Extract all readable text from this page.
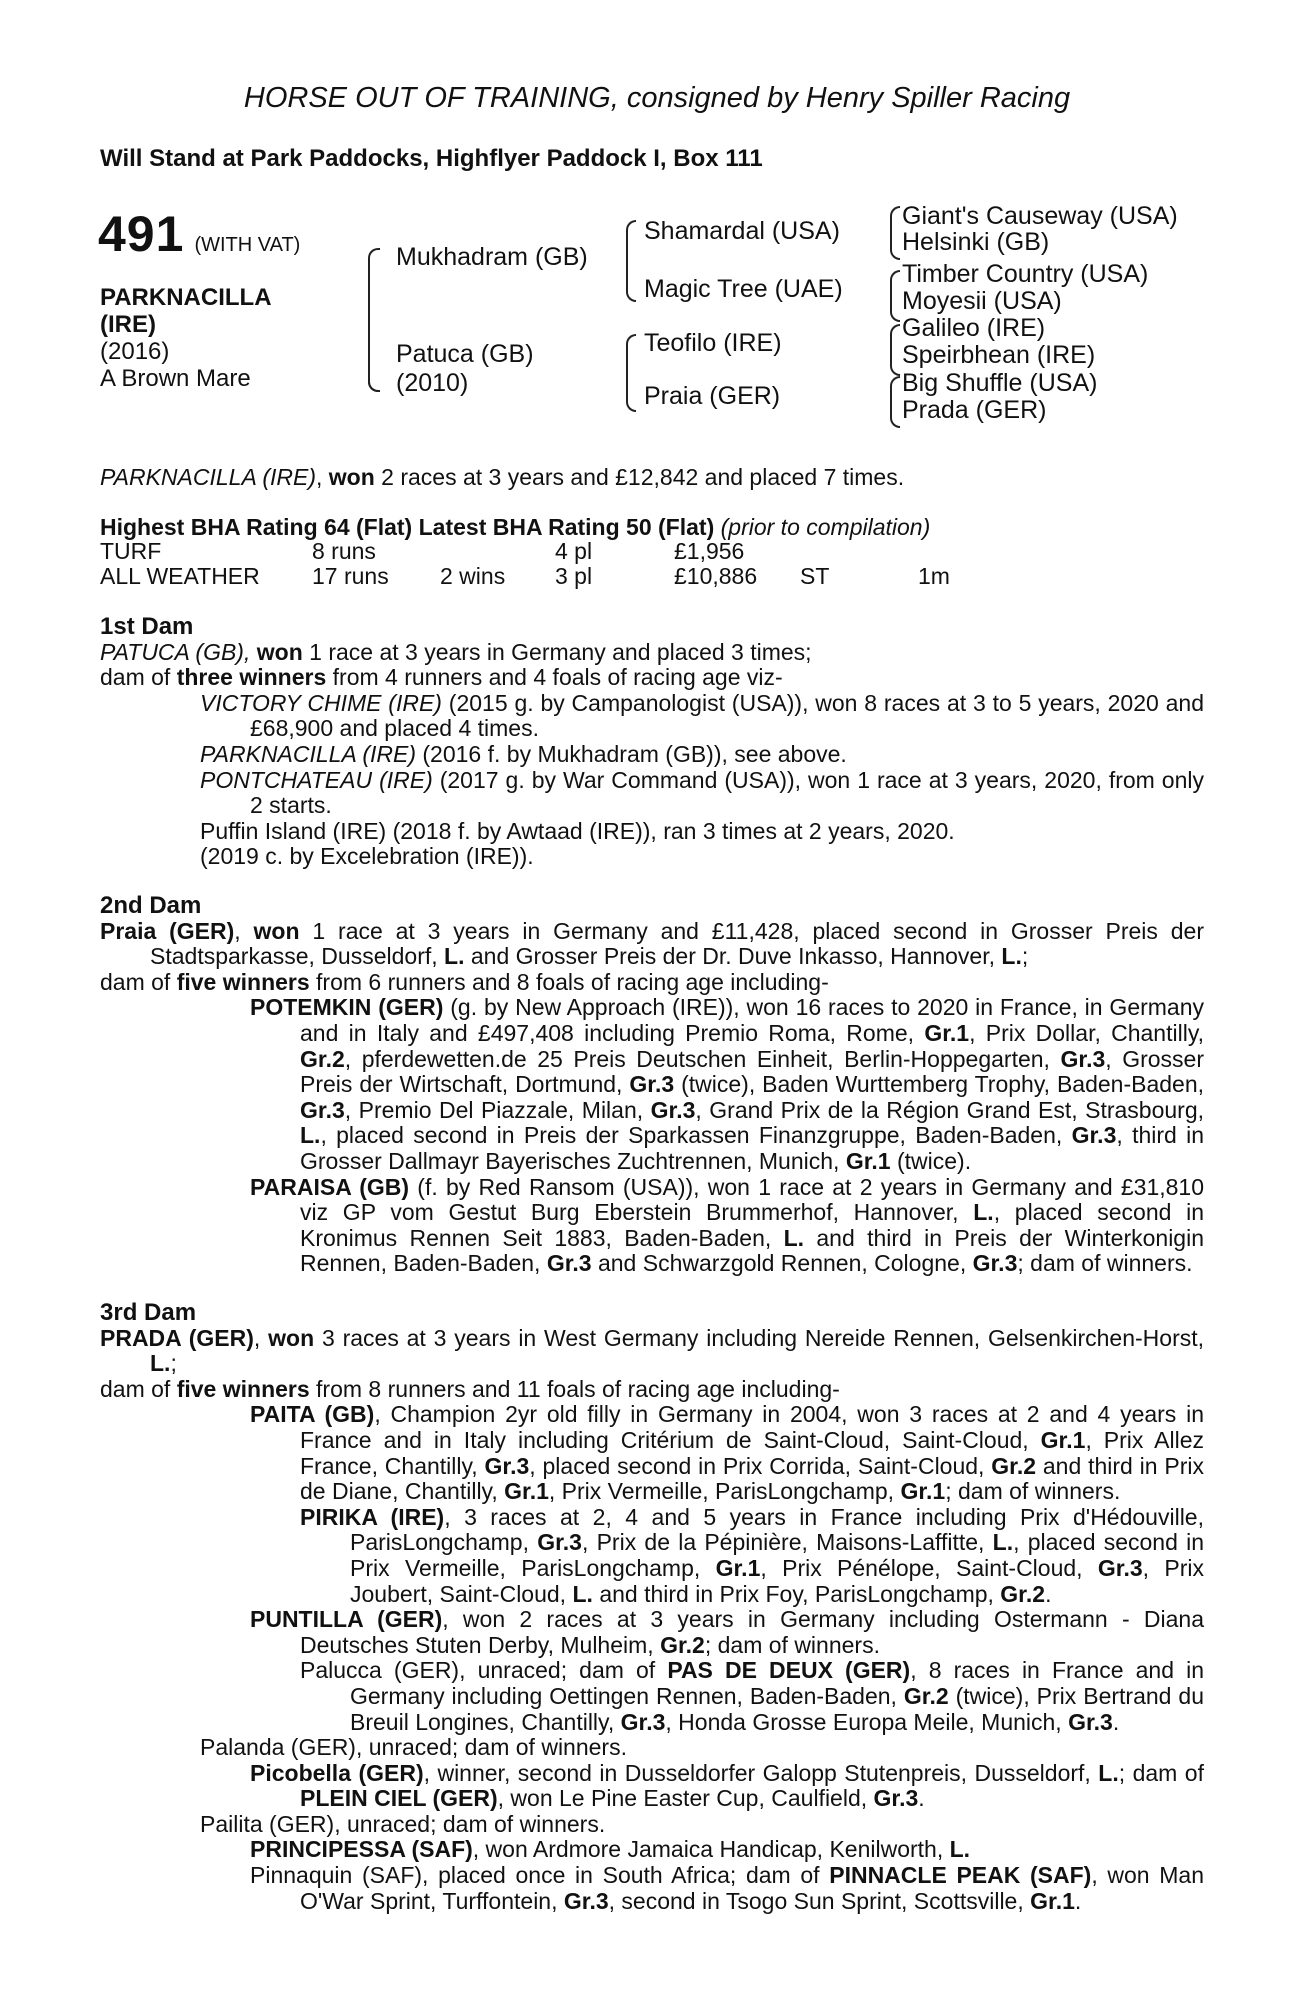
HORSE OUT OF TRAINING, consigned by Henry Spiller Racing
Will Stand at Park Paddocks, Highflyer Paddock I, Box 111
491 (WITH VAT)
PARKNACILLA
(IRE)
(2016)
A Brown Mare
Mukhadram (GB)
Patuca (GB)
(2010)
Shamardal (USA)
Magic Tree (UAE)
Teofilo (IRE)
Praia (GER)
Giant's Causeway (USA)
Helsinki (GB)
Timber Country (USA)
Moyesii (USA)
Galileo (IRE)
Speirbhean (IRE)
Big Shuffle (USA)
Prada (GER)
PARKNACILLA (IRE), won 2 races at 3 years and £12,842 and placed 7 times.
Highest BHA Rating 64 (Flat) Latest BHA Rating 50 (Flat) (prior to compilation)
TURF	8 runs	4 pl	£1,956
ALL WEATHER 17 runs 2 wins 3 pl	£10,886 ST	1m
1st Dam
PATUCA (GB), won 1 race at 3 years in Germany and placed 3 times;
dam of three winners from 4 runners and 4 foals of racing age viz-
VICTORY CHIME (IRE) (2015 g. by Campanologist (USA)), won 8 races at 3 to 5 years, 2020 and £68,900 and placed 4 times.
PARKNACILLA (IRE) (2016 f. by Mukhadram (GB)), see above.
PONTCHATEAU (IRE) (2017 g. by War Command (USA)), won 1 race at 3 years, 2020, from only 2 starts.
Puffin Island (IRE) (2018 f. by Awtaad (IRE)), ran 3 times at 2 years, 2020.
(2019 c. by Excelebration (IRE)).
2nd Dam
Praia (GER), won 1 race at 3 years in Germany and £11,428, placed second in Grosser Preis der Stadtsparkasse, Dusseldorf, L. and Grosser Preis der Dr. Duve Inkasso, Hannover, L.;
dam of five winners from 6 runners and 8 foals of racing age including-
POTEMKIN (GER) (g. by New Approach (IRE)), won 16 races to 2020 in France, in Germany and in Italy and £497,408 including Premio Roma, Rome, Gr.1, Prix Dollar, Chantilly, Gr.2, pferdewetten.de 25 Preis Deutschen Einheit, Berlin-Hoppegarten, Gr.3, Grosser Preis der Wirtschaft, Dortmund, Gr.3 (twice), Baden Wurttemberg Trophy, Baden-Baden, Gr.3, Premio Del Piazzale, Milan, Gr.3, Grand Prix de la Région Grand Est, Strasbourg, L., placed second in Preis der Sparkassen Finanzgruppe, Baden-Baden, Gr.3, third in Grosser Dallmayr Bayerisches Zuchtrennen, Munich, Gr.1 (twice).
PARAISA (GB) (f. by Red Ransom (USA)), won 1 race at 2 years in Germany and £31,810 viz GP vom Gestut Burg Eberstein Brummerhof, Hannover, L., placed second in Kronimus Rennen Seit 1883, Baden-Baden, L. and third in Preis der Winterkonigin Rennen, Baden-Baden, Gr.3 and Schwarzgold Rennen, Cologne, Gr.3; dam of winners.
3rd Dam
PRADA (GER), won 3 races at 3 years in West Germany including Nereide Rennen, Gelsenkirchen-Horst, L.;
dam of five winners from 8 runners and 11 foals of racing age including-
PAITA (GB), Champion 2yr old filly in Germany in 2004, won 3 races at 2 and 4 years in France and in Italy including Critérium de Saint-Cloud, Saint-Cloud, Gr.1, Prix Allez France, Chantilly, Gr.3, placed second in Prix Corrida, Saint-Cloud, Gr.2 and third in Prix de Diane, Chantilly, Gr.1, Prix Vermeille, ParisLongchamp, Gr.1; dam of winners.
PIRIKA (IRE), 3 races at 2, 4 and 5 years in France including Prix d'Hédouville, ParisLongchamp, Gr.3, Prix de la Pépinière, Maisons-Laffitte, L., placed second in Prix Vermeille, ParisLongchamp, Gr.1, Prix Pénélope, Saint-Cloud, Gr.3, Prix Joubert, Saint-Cloud, L. and third in Prix Foy, ParisLongchamp, Gr.2.
PUNTILLA (GER), won 2 races at 3 years in Germany including Ostermann - Diana Deutsches Stuten Derby, Mulheim, Gr.2; dam of winners.
Palucca (GER), unraced; dam of PAS DE DEUX (GER), 8 races in France and in Germany including Oettingen Rennen, Baden-Baden, Gr.2 (twice), Prix Bertrand du Breuil Longines, Chantilly, Gr.3, Honda Grosse Europa Meile, Munich, Gr.3.
Palanda (GER), unraced; dam of winners.
Picobella (GER), winner, second in Dusseldorfer Galopp Stutenpreis, Dusseldorf, L.; dam of PLEIN CIEL (GER), won Le Pine Easter Cup, Caulfield, Gr.3.
Pailita (GER), unraced; dam of winners.
PRINCIPESSA (SAF), won Ardmore Jamaica Handicap, Kenilworth, L.
Pinnaquin (SAF), placed once in South Africa; dam of PINNACLE PEAK (SAF), won Man O'War Sprint, Turffontein, Gr.3, second in Tsogo Sun Sprint, Scottsville, Gr.1.
